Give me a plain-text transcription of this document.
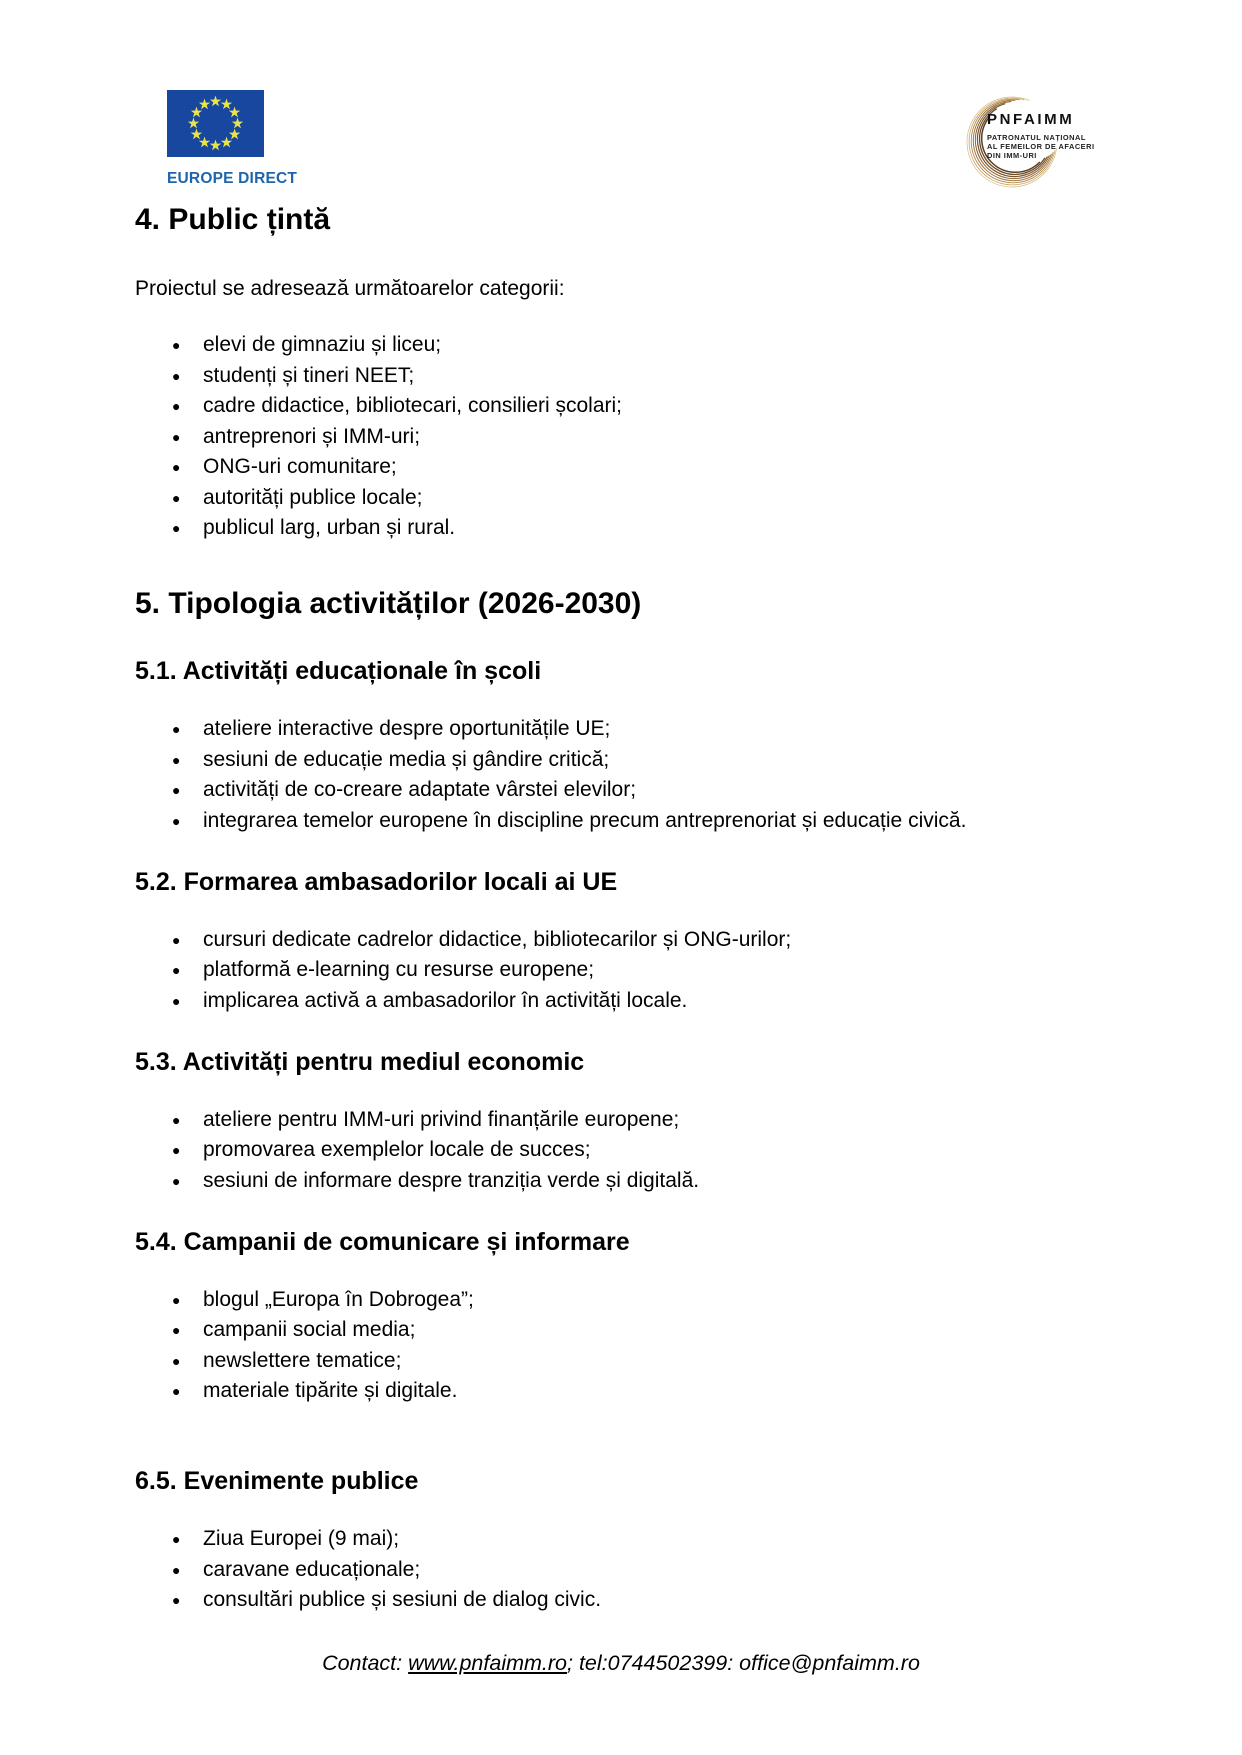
EUROPE DIRECT
PNFAIMM
PATRONATUL NAȚIONAL
AL FEMEILOR DE AFACERI
DIN IMM-URI
4. Public țintă

Proiectul se adresează următoarelor categorii:

● elevi de gimnaziu și liceu;
● studenți și tineri NEET;
● cadre didactice, bibliotecari, consilieri școlari;
● antreprenori și IMM-uri;
● ONG-uri comunitare;
● autorități publice locale;
● publicul larg, urban și rural.
5. Tipologia activităților (2026-2030)
5.1. Activități educaționale în școli
● ateliere interactive despre oportunitățile UE;
● sesiuni de educație media și gândire critică;
● activități de co-creare adaptate vârstei elevilor;
● integrarea temelor europene în discipline precum antreprenoriat și educație civică.
5.2. Formarea ambasadorilor locali ai UE
● cursuri dedicate cadrelor didactice, bibliotecarilor și ONG-urilor;
● platformă e-learning cu resurse europene;
● implicarea activă a ambasadorilor în activități locale.
5.3. Activități pentru mediul economic
● ateliere pentru IMM-uri privind finanțările europene;
● promovarea exemplelor locale de succes;
● sesiuni de informare despre tranziția verde și digitală.
5.4. Campanii de comunicare și informare
● blogul „Europa în Dobrogea”;
● campanii social media;
● newslettere tematice;
● materiale tipărite și digitale.
6.5. Evenimente publice
● Ziua Europei (9 mai);
● caravane educaționale;
● consultări publice și sesiuni de dialog civic.
Contact: www.pnfaimm.ro; tel:0744502399: office@pnfaimm.ro
